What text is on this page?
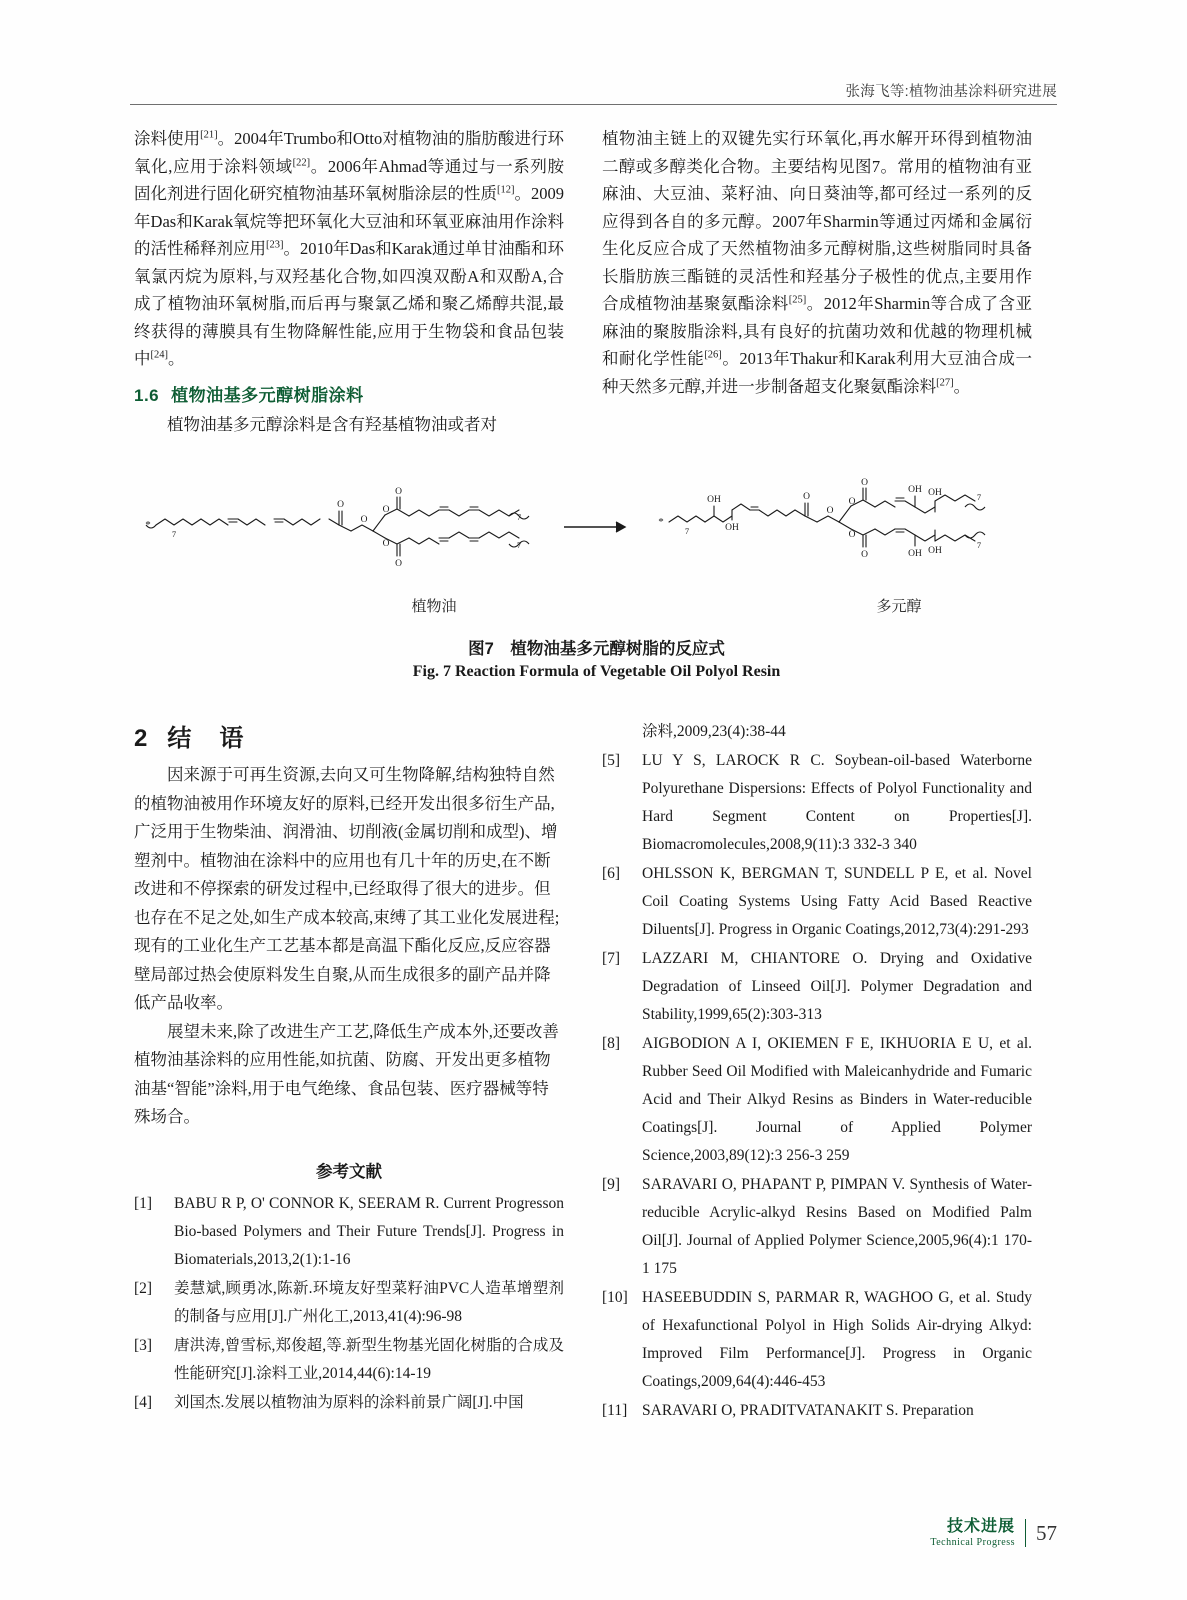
张海飞等:植物油基涂料研究进展

涂料使用[21]。2004年Trumbo和Otto对植物油的脂肪酸进行环氧化,应用于涂料领域[22]。2006年Ahmad等通过与一系列胺固化剂进行固化研究植物油基环氧树脂涂层的性质[12]。2009年Das和Karak氧烷等把环氧化大豆油和环氧亚麻油用作涂料的活性稀释剂应用[23]。2010年Das和Karak通过单甘油酯和环氧氯丙烷为原料,与双羟基化合物,如四溴双酚A和双酚A,合成了植物油环氧树脂,而后再与聚氯乙烯和聚乙烯醇共混,最终获得的薄膜具有生物降解性能,应用于生物袋和食品包装中[24]。

1.6 植物油基多元醇树脂涂料

植物油基多元醇涂料是含有羟基植物油或者对

植物油主链上的双键先实行环氧化,再水解开环得到植物油二醇或多醇类化合物。主要结构见图7。常用的植物油有亚麻油、大豆油、菜籽油、向日葵油等,都可经过一系列的反应得到各自的多元醇。2007年Sharmin等通过丙烯和金属衍生化反应合成了天然植物油多元醇树脂,这些树脂同时具备长脂肪族三酯链的灵活性和羟基分子极性的优点,主要用作合成植物油基聚氨酯涂料[25]。2012年Sharmin等合成了含亚麻油的聚胺脂涂料,具有良好的抗菌功效和优越的物理机械和耐化学性能[26]。2013年Thakur和Karak利用大豆油合成一种天然多元醇,并进一步制备超支化聚氨酯涂料[27]。

O
O
O
O
O
O
*
7
O
O
O
O
O
O
OH
OH
OH OH
OH OH
*
7
7
7
7
7
植物油	多元醇

图7　植物油基多元醇树脂的反应式

Fig. 7 Reaction Formula of Vegetable Oil Polyol Resin

2 结　语

因来源于可再生资源,去向又可生物降解,结构独特自然的植物油被用作环境友好的原料,已经开发出很多衍生产品,广泛用于生物柴油、润滑油、切削液(金属切削和成型)、增塑剂中。植物油在涂料中的应用也有几十年的历史,在不断改进和不停探索的研发过程中,已经取得了很大的进步。但也存在不足之处,如生产成本较高,束缚了其工业化发展进程;现有的工业化生产工艺基本都是高温下酯化反应,反应容器壁局部过热会使原料发生自聚,从而生成很多的副产品并降低产品收率。

展望未来,除了改进生产工艺,降低生产成本外,还要改善植物油基涂料的应用性能,如抗菌、防腐、开发出更多植物油基“智能”涂料,用于电气绝缘、食品包装、医疗器械等特殊场合。

参考文献
[1]	BABU R P, O' CONNOR K, SEERAM R. Current Progresson Bio-based Polymers and Their Future Trends[J]. Progress in Biomaterials,2013,2(1):1-16
[2]	姜慧斌,顾勇冰,陈新.环境友好型菜籽油PVC人造革增塑剂的制备与应用[J].广州化工,2013,41(4):96-98
[3]	唐洪涛,曾雪标,郑俊超,等.新型生物基光固化树脂的合成及性能研究[J].涂料工业,2014,44(6):14-19
[4]	刘国杰.发展以植物油为原料的涂料前景广阔[J].中国
涂料,2009,23(4):38-44
[5]	LU Y S, LAROCK R C. Soybean-oil-based Waterborne Polyurethane Dispersions: Effects of Polyol Functionality and Hard Segment Content on Properties[J]. Biomacromolecules,2008,9(11):3 332-3 340
[6]	OHLSSON K, BERGMAN T, SUNDELL P E, et al. Novel Coil Coating Systems Using Fatty Acid Based Reactive Diluents[J]. Progress in Organic Coatings,2012,73(4):291-293
[7]	LAZZARI M, CHIANTORE O. Drying and Oxidative Degradation of Linseed Oil[J]. Polymer Degradation and Stability,1999,65(2):303-313
[8]	AIGBODION A I, OKIEMEN F E, IKHUORIA E U, et al. Rubber Seed Oil Modified with Maleicanhydride and Fumaric Acid and Their Alkyd Resins as Binders in Water-reducible Coatings[J]. Journal of Applied Polymer Science,2003,89(12):3 256-3 259
[9]	SARAVARI O, PHAPANT P, PIMPAN V. Synthesis of Water-reducible Acrylic-alkyd Resins Based on Modified Palm Oil[J]. Journal of Applied Polymer Science,2005,96(4):1 170-1 175
[10] HASEEBUDDIN S, PARMAR R, WAGHOO G, et al. Study of Hexafunctional Polyol in High Solids Air-drying Alkyd: Improved Film Performance[J]. Progress in Organic Coatings,2009,64(4):446-453
[11] SARAVARI O, PRADITVATANAKIT S. Preparation
技术进展
Technical Progress 57
